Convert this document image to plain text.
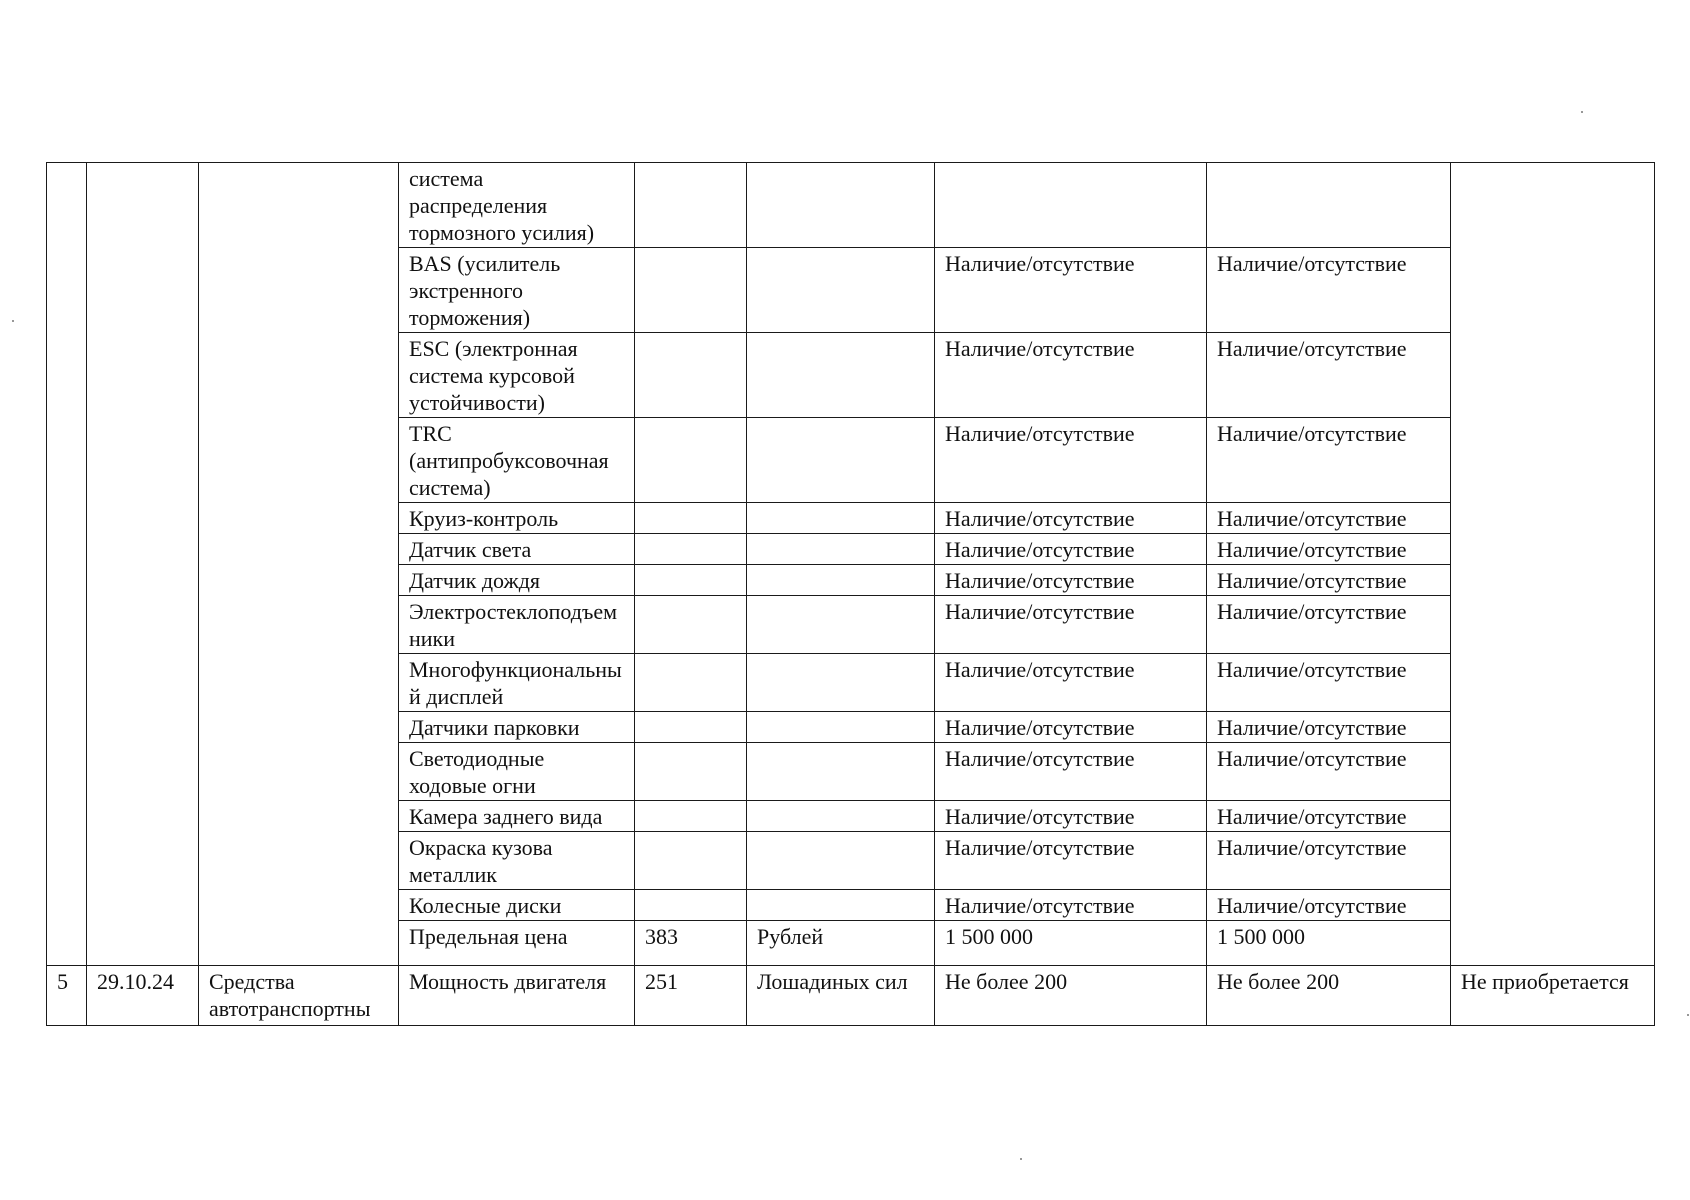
			система распределения тормозного усилия)					

			BAS (усилитель экстренного торможения)			Наличие/отсутствие	Наличие/отсутствие	

			ESC (электронная система курсовой устойчивости)			Наличие/отсутствие	Наличие/отсутствие	

			TRC (антипробуксовочная система)			Наличие/отсутствие	Наличие/отсутствие	

			Круиз-контроль			Наличие/отсутствие	Наличие/отсутствие	

			Датчик света			Наличие/отсутствие	Наличие/отсутствие	

			Датчик дождя			Наличие/отсутствие	Наличие/отсутствие	

			Электростеклоподъемники			Наличие/отсутствие	Наличие/отсутствие	

			Многофункциональный дисплей			Наличие/отсутствие	Наличие/отсутствие	

			Датчики парковки			Наличие/отсутствие	Наличие/отсутствие	

			Светодиодные ходовые огни			Наличие/отсутствие	Наличие/отсутствие	

			Камера заднего вида			Наличие/отсутствие	Наличие/отсутствие	

			Окраска кузова металлик			Наличие/отсутствие	Наличие/отсутствие	

			Колесные диски			Наличие/отсутствие	Наличие/отсутствие	

			Предельная цена	383	Рублей	1 500 000	1 500 000	

5	29.10.24	Средства автотранспортны	Мощность двигателя	251	Лошадиных сил	Не более 200	Не более 200	Не приобретается
